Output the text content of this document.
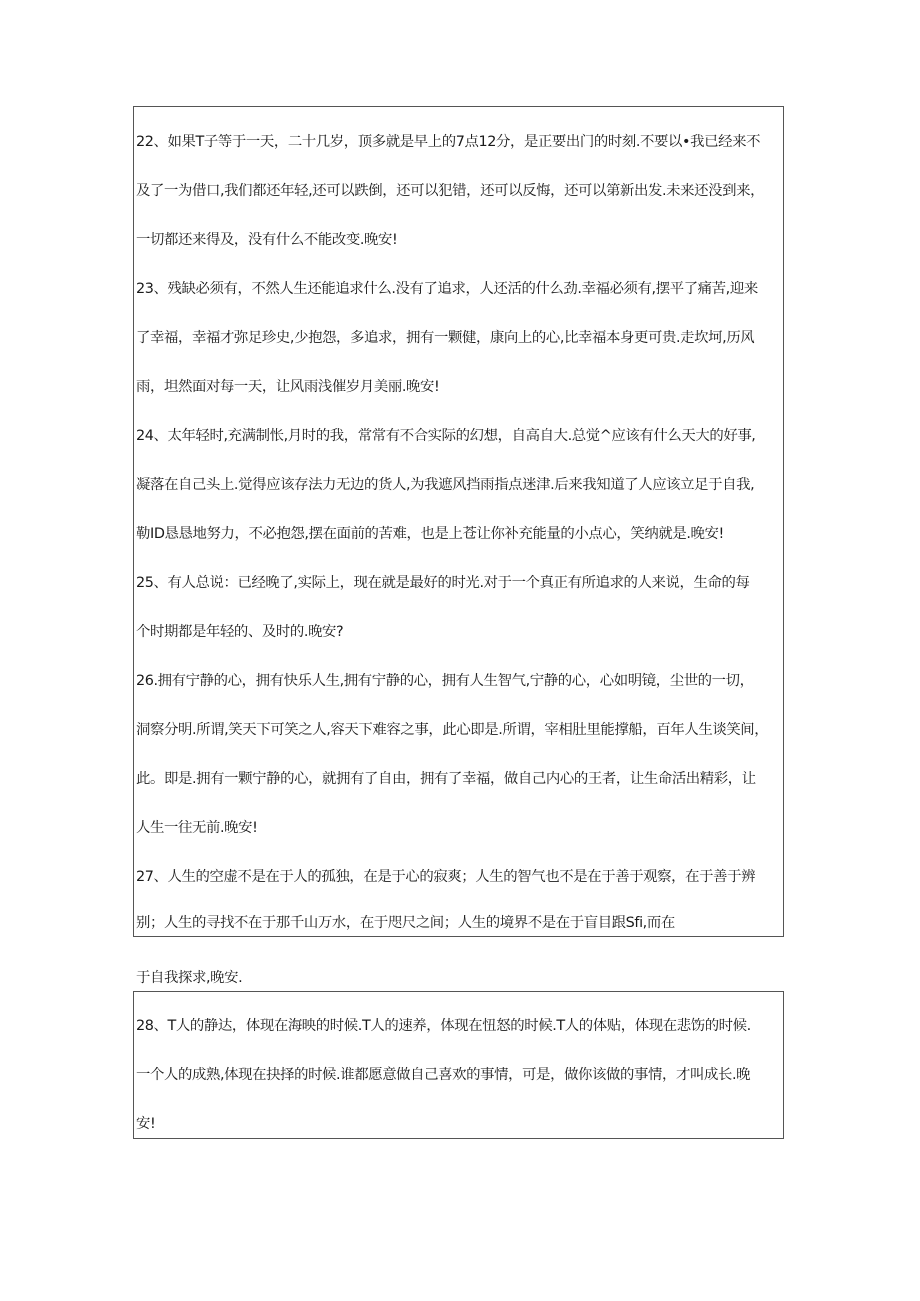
22、如果T子等于一天，二十几岁，顶多就是早上的7点12分，是正要出门的时刻.不要以•我已经来不
及了一为借口,我们都还年轻,还可以跌倒，还可以犯错，还可以反悔，还可以第新出发.未来还没到来，
一切都还来得及，没有什么不能改变.晚安!
23、残缺必须有，不然人生还能追求什么.没有了追求，人还活的什么劲.幸福必须有,摆平了痛苦,迎来
了幸福，幸福才弥足珍史,少抱怨，多追求，拥有一颗健，康向上的心,比幸福本身更可贵.走坎坷,历风
雨，坦然面对每一天，让风雨浅催岁月美丽.晚安!
24、太年轻时,充满制怅,月时的我，常常有不合实际的幻想，自高自大.总觉^应该有什么天大的好事,
凝落在自己头上.觉得应该存法力无边的货人,为我遮风挡雨指点迷津.后来我知道了人应该立足于自我,
勒ID恳恳地努力，不必抱怨,摆在面前的苦难，也是上苍让你补充能量的小点心，笑纳就是.晚安!
25、有人总说：已经晚了,实际上，现在就是最好的时光.对于一个真正有所追求的人来说，生命的每
个时期都是年轻的、及时的.晚安?
26.拥有宁静的心，拥有快乐人生,拥有宁静的心，拥有人生智气,宁静的心，心如明镜，尘世的一切，
洞察分明.所谓,笑天下可笑之人,容天下难容之事，此心即是.所谓，宰相肚里能撑船，百年人生谈笑间，
此。即是.拥有一颗宁静的心，就拥有了自由，拥有了幸福，做自己内心的王者，让生命活出精彩，让
人生一往无前.晚安!
27、人生的空虚不是在于人的孤独，在是于心的寂爽；人生的智气也不是在于善于观察，在于善于辨
别；人生的寻找不在于那千山万水，在于咫尺之间；人生的境界不是在于盲目跟Sfi,而在
于自我探求,晚安.
28、T人的静达，体现在海映的时候.T人的速养，体现在忸怒的时候.T人的体贴，体现在悲饬的时候.
一个人的成熟,体现在抉择的时候.谁都愿意做自己喜欢的事情，可是，做你该做的事情，才叫成长.晚
安!
